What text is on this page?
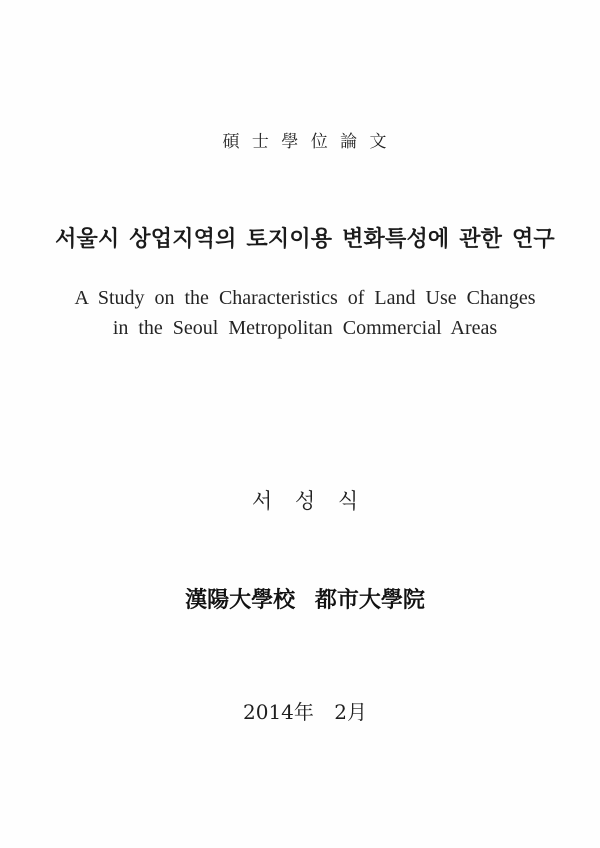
碩 士 學 位 論 文
서울시 상업지역의 토지이용 변화특성에 관한 연구
A Study on the Characteristics of Land Use Changes
in the Seoul Metropolitan Commercial Areas
서 성 식
漢陽大學校 都市大學院
2014年 2月
